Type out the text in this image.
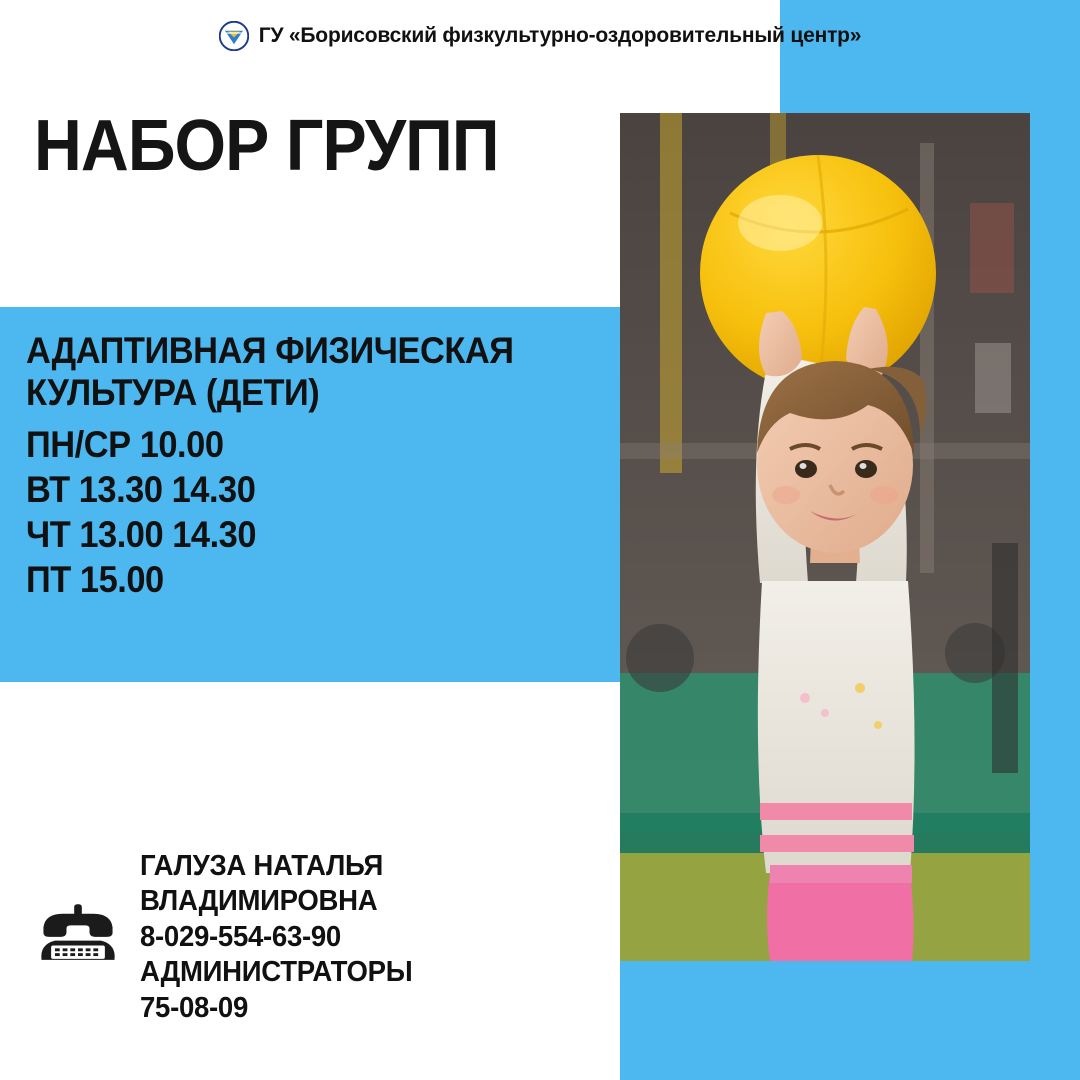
ГУ «Борисовский физкультурно-оздоровительный центр»
НАБОР ГРУПП
АДАПТИВНАЯ ФИЗИЧЕСКАЯ КУЛЬТУРА (ДЕТИ)
ПН/СР 10.00
ВТ 13.30 14.30
ЧТ 13.00 14.30
ПТ 15.00
ГАЛУЗА НАТАЛЬЯ ВЛАДИМИРОВНА
8-029-554-63-90
АДМИНИСТРАТОРЫ
75-08-09
